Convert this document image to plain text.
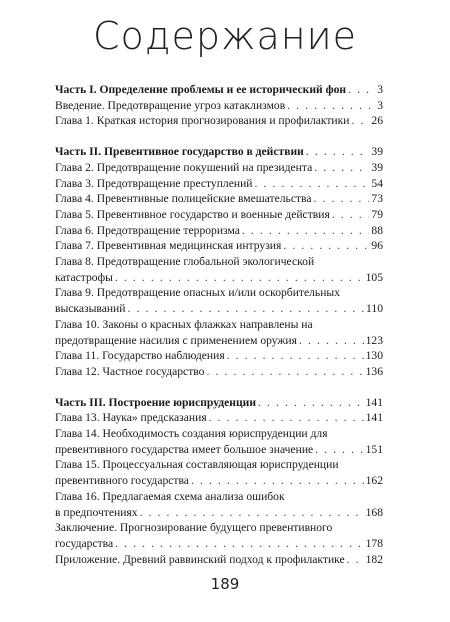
Содержание
Часть I. Определение проблемы и ее исторический фон . . .	3
Введение. Предотвращение угроз катаклизмов . . .	3
Глава 1. Краткая история прогнозирования и профилактики . . . 26
Часть II. Превентивное государство в действии . . .	39
Глава 2. Предотвращение покушений на президента . . .	39
Глава 3. Предотвращение преступлений . . .	54
Глава 4. Превентивные полицейские вмешательства . . .	73
Глава 5. Превентивное государство и военные действия . . .	79
Глава 6. Предотвращение терроризма . . .	88
Глава 7. Превентивная медицинская интрузия . . .	96
Глава 8. Предотвращение глобальной экологической
катастрофы . . .	105
Глава 9. Предотвращение опасных и/или оскорбительных
высказываний . . .	110
Глава 10. Законы о красных флажках направлены на
предотвращение насилия с применением оружия . . .	123
Глава 11. Государство наблюдения . . .	130
Глава 12. Частное государство . . .	136
Часть III. Построение юриспруденции . . .	141
Глава 13. Наука» предсказания . . .	141
Глава 14. Необходимость создания юриспруденции для
превентивного государства имеет большое значение . . .	151
Глава 15. Процессуальная составляющая юриспруденции
превентивного государства . . .	162
Глава 16. Предлагаемая схема анализа ошибок
в предпочтениях . . .	168
Заключение. Прогнозирование будущего превентивного
государства . . .	178
Приложение. Древний раввинский подход к профилактике . . . 182
189
